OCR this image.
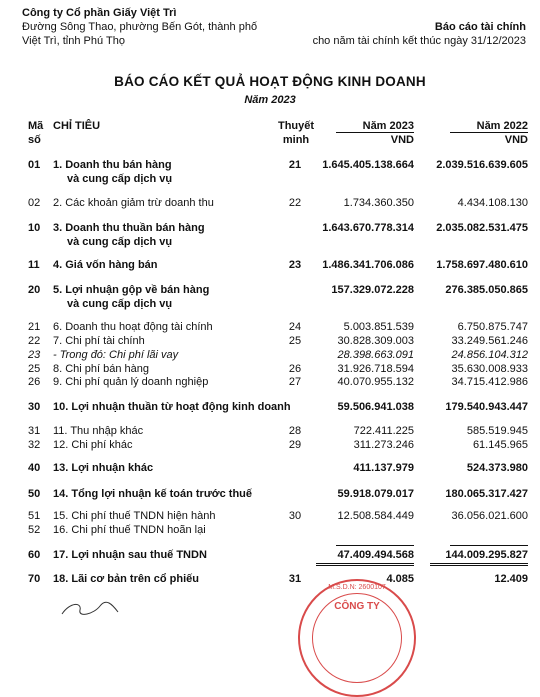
Công ty Cổ phần Giấy Việt Trì
Đường Sông Thao, phường Bến Gót, thành phố
Việt Trì, tỉnh Phú Thọ
Báo cáo tài chính
cho năm tài chính kết thúc ngày 31/12/2023
BÁO CÁO KẾT QUẢ HOẠT ĐỘNG KINH DOANH
Năm 2023
Mã
số
CHỈ TIÊU	Thuyết
minh
Năm 2023
VND
Năm 2022
VND
01 1. Doanh thu bán hàng
và cung cấp dịch vụ
21	1.645.405.138.664 2.039.516.639.605
02 2. Các khoản giảm trừ doanh thu	22	1.734.360.350	4.434.108.130
10 3. Doanh thu thuần bán hàng
và cung cấp dịch vụ
1.643.670.778.314 2.035.082.531.475
11 4. Giá vốn hàng bán	23	1.486.341.706.086 1.758.697.480.610
20 5. Lợi nhuận gộp về bán hàng
và cung cấp dịch vụ
157.329.072.228	276.385.050.865
21 6. Doanh thu hoạt động tài chính	24	5.003.851.539	6.750.875.747
22 7. Chi phí tài chính	25	30.828.309.003	33.249.561.246
23 - Trong đó: Chi phí lãi vay	28.398.663.091	24.856.104.312
25 8. Chi phí bán hàng	26	31.926.718.594	35.630.008.933
26 9. Chi phí quản lý doanh nghiệp	27	40.070.955.132	34.715.412.986
30 10. Lợi nhuận thuần từ hoạt động kinh doanh	59.506.941.038	179.540.943.447
31 11. Thu nhập khác	28	722.411.225	585.519.945
32 12. Chi phí khác	29	311.273.246	61.145.965
40 13. Lợi nhuận khác	411.137.979	524.373.980
50 14. Tổng lợi nhuận kế toán trước thuế	59.918.079.017	180.065.317.427
51 15. Chi phí thuế TNDN hiện hành	30	12.508.584.449	36.056.021.600
52 16. Chi phí thuế TNDN hoãn lại
60 17. Lợi nhuận sau thuế TNDN	47.409.494.568	144.009.295.827
70 18. Lãi cơ bản trên cổ phiếu	31	4.085	12.409
M.S.D.N: 2600107
CÔNG TY
